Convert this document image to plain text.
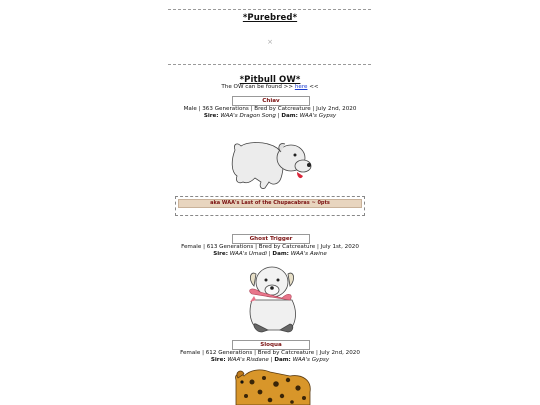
*Purebred*
×
*Pitbull OW*
The OW can be found >> here <<
Chiav
Male | 363 Generations | Bred by Catcreature | July 2nd, 2020
Sire: WAA's Dragon Song | Dam: WAA's Gypsy
aka WAA's Last of the Chupacabras ~ 0pts
Ghost Trigger
Female | 613 Generations | Bred by Catcreature | July 1st, 2020
Sire: WAA's Umadi | Dam: WAA's Awine
Sloqua
Female | 612 Generations | Bred by Catcreature | July 2nd, 2020
Sire: WAA's Risdane | Dam: WAA's Gypsy
